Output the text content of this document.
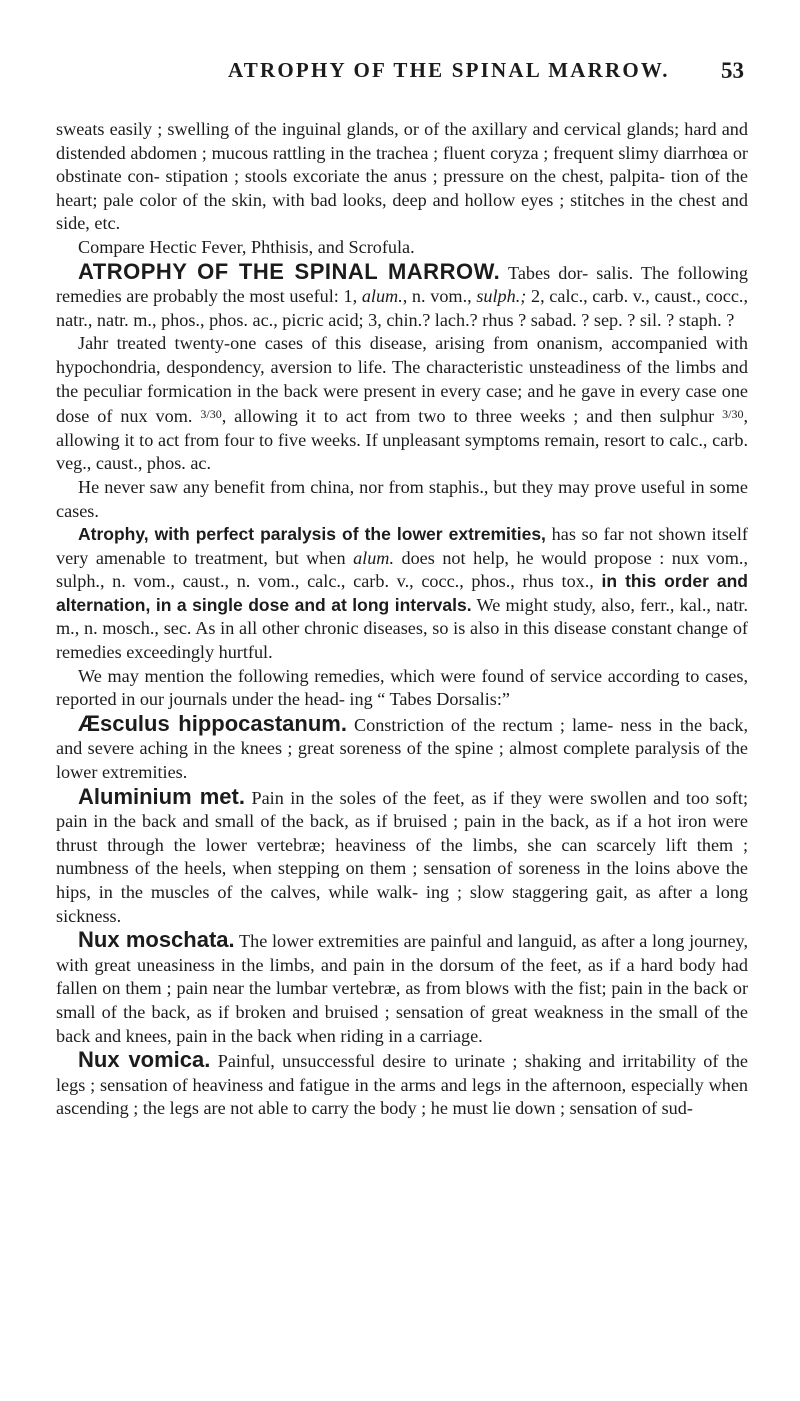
ATROPHY OF THE SPINAL MARROW. 53

sweats easily ; swelling of the inguinal glands, or of the axillary and cervical glands; hard and distended abdomen ; mucous rattling in the trachea ; fluent coryza ; frequent slimy diarrhœa or obstinate con- stipation ; stools excoriate the anus ; pressure on the chest, palpita- tion of the heart; pale color of the skin, with bad looks, deep and hollow eyes ; stitches in the chest and side, etc.

Compare Hectic Fever, Phthisis, and Scrofula.

ATROPHY OF THE SPINAL MARROW. Tabes dor- salis. The following remedies are probably the most useful: 1, alum., n. vom., sulph.; 2, calc., carb. v., caust., cocc., natr., natr. m., phos., phos. ac., picric acid; 3, chin.? lach.? rhus ? sabad. ? sep. ? sil. ? staph. ?

Jahr treated twenty-one cases of this disease, arising from onanism, accompanied with hypochondria, despondency, aversion to life. The characteristic unsteadiness of the limbs and the peculiar formication in the back were present in every case; and he gave in every case one dose of nux vom. $^{3/30}$, allowing it to act from two to three weeks ; and then sulphur $^{3/30}$, allowing it to act from four to five weeks. If unpleasant symptoms remain, resort to calc., carb. veg., caust., phos. ac.

He never saw any benefit from china, nor from staphis., but they may prove useful in some cases.

Atrophy, with perfect paralysis of the lower extremities, has so far not shown itself very amenable to treatment, but when alum. does not help, he would propose : nux vom., sulph., n. vom., caust., n. vom., calc., carb. v., cocc., phos., rhus tox., in this order and alternation, in a single dose and at long intervals. We might study, also, ferr., kal., natr. m., n. mosch., sec. As in all other chronic diseases, so is also in this disease constant change of remedies exceedingly hurtful.

We may mention the following remedies, which were found of service according to cases, reported in our journals under the head- ing “ Tabes Dorsalis:”

Æsculus hippocastanum. Constriction of the rectum ; lame- ness in the back, and severe aching in the knees ; great soreness of the spine ; almost complete paralysis of the lower extremities.

Aluminium met. Pain in the soles of the feet, as if they were swollen and too soft; pain in the back and small of the back, as if bruised ; pain in the back, as if a hot iron were thrust through the lower vertebræ; heaviness of the limbs, she can scarcely lift them ; numbness of the heels, when stepping on them ; sensation of soreness in the loins above the hips, in the muscles of the calves, while walk- ing ; slow staggering gait, as after a long sickness.

Nux moschata. The lower extremities are painful and languid, as after a long journey, with great uneasiness in the limbs, and pain in the dorsum of the feet, as if a hard body had fallen on them ; pain near the lumbar vertebræ, as from blows with the fist; pain in the back or small of the back, as if broken and bruised ; sensation of great weakness in the small of the back and knees, pain in the back when riding in a carriage.

Nux vomica. Painful, unsuccessful desire to urinate ; shaking and irritability of the legs ; sensation of heaviness and fatigue in the arms and legs in the afternoon, especially when ascending ; the legs are not able to carry the body ; he must lie down ; sensation of sud-
